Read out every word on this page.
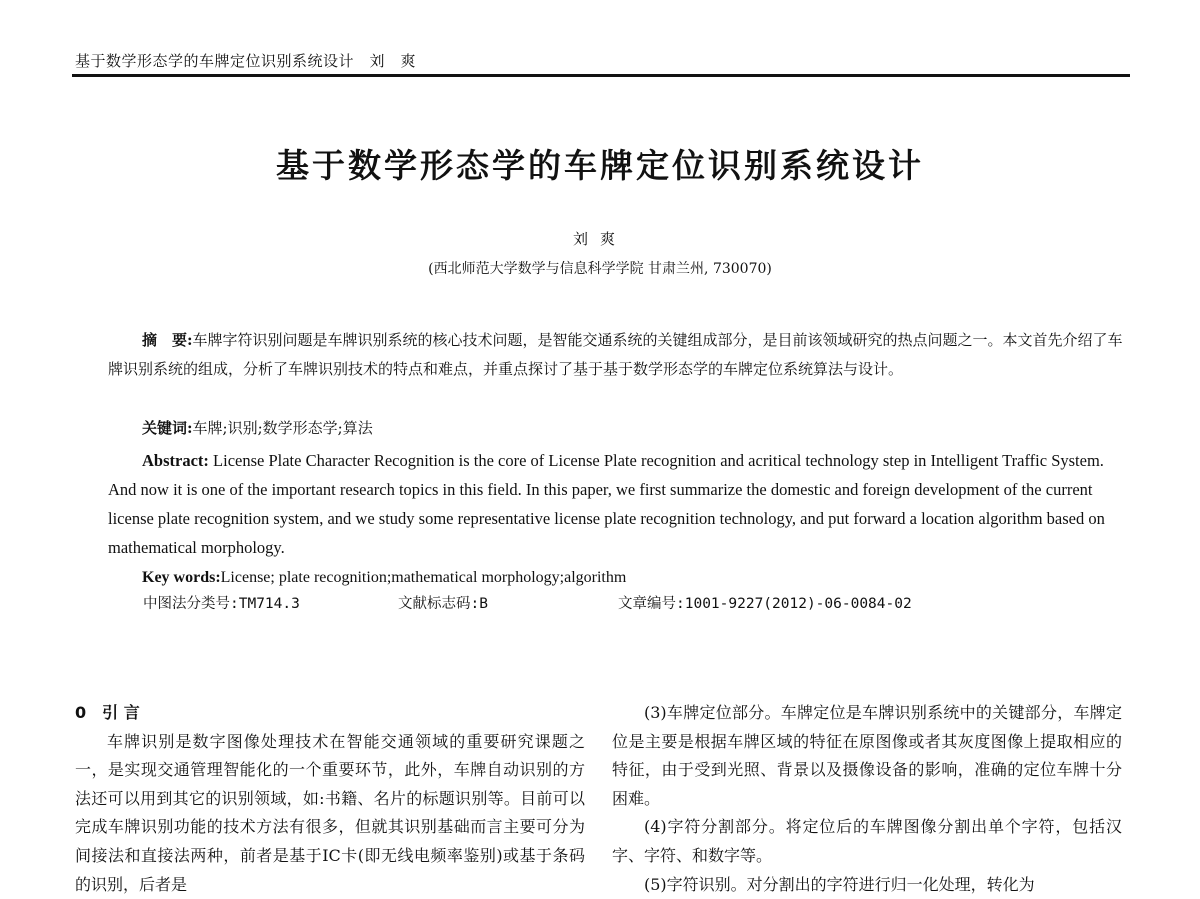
基于数学形态学的车牌定位识别系统设计　刘　爽
基于数学形态学的车牌定位识别系统设计
刘爽
(西北师范大学数学与信息科学学院 甘肃兰州, 730070)
摘　要:车牌字符识别问题是车牌识别系统的核心技术问题，是智能交通系统的关键组成部分，是目前该领域研究的热点问题之一。本文首先介绍了车牌识别系统的组成，分析了车牌识别技术的特点和难点，并重点探讨了基于基于数学形态学的车牌定位系统算法与设计。
关键词:车牌;识别;数学形态学;算法
Abstract: License Plate Character Recognition is the core of License Plate recognition and acritical technology step in Intelligent Traffic System. And now it is one of the important research topics in this field. In this paper, we first summarize the domestic and foreign development of the current license plate recognition system, and we study some representative license plate recognition technology, and put forward a location algorithm based on mathematical morphology.
Key words:License; plate recognition;mathematical morphology;algorithm
中图法分类号:TM714.3	文献标志码:B	文章编号:1001-9227(2012)-06-0084-02
0　引 言

车牌识别是数字图像处理技术在智能交通领域的重要研究课题之一，是实现交通管理智能化的一个重要环节，此外，车牌自动识别的方法还可以用到其它的识别领域，如:书籍、名片的标题识别等。目前可以完成车牌识别功能的技术方法有很多，但就其识别基础而言主要可分为间接法和直接法两种，前者是基于IC卡(即无线电频率鉴别)或基于条码的识别，后者是

(3)车牌定位部分。车牌定位是车牌识别系统中的关键部分，车牌定位是主要是根据车牌区域的特征在原图像或者其灰度图像上提取相应的特征，由于受到光照、背景以及摄像设备的影响，准确的定位车牌十分困难。

(4)字符分割部分。将定位后的车牌图像分割出单个字符，包括汉字、字符、和数字等。

(5)字符识别。对分割出的字符进行归一化处理，转化为
